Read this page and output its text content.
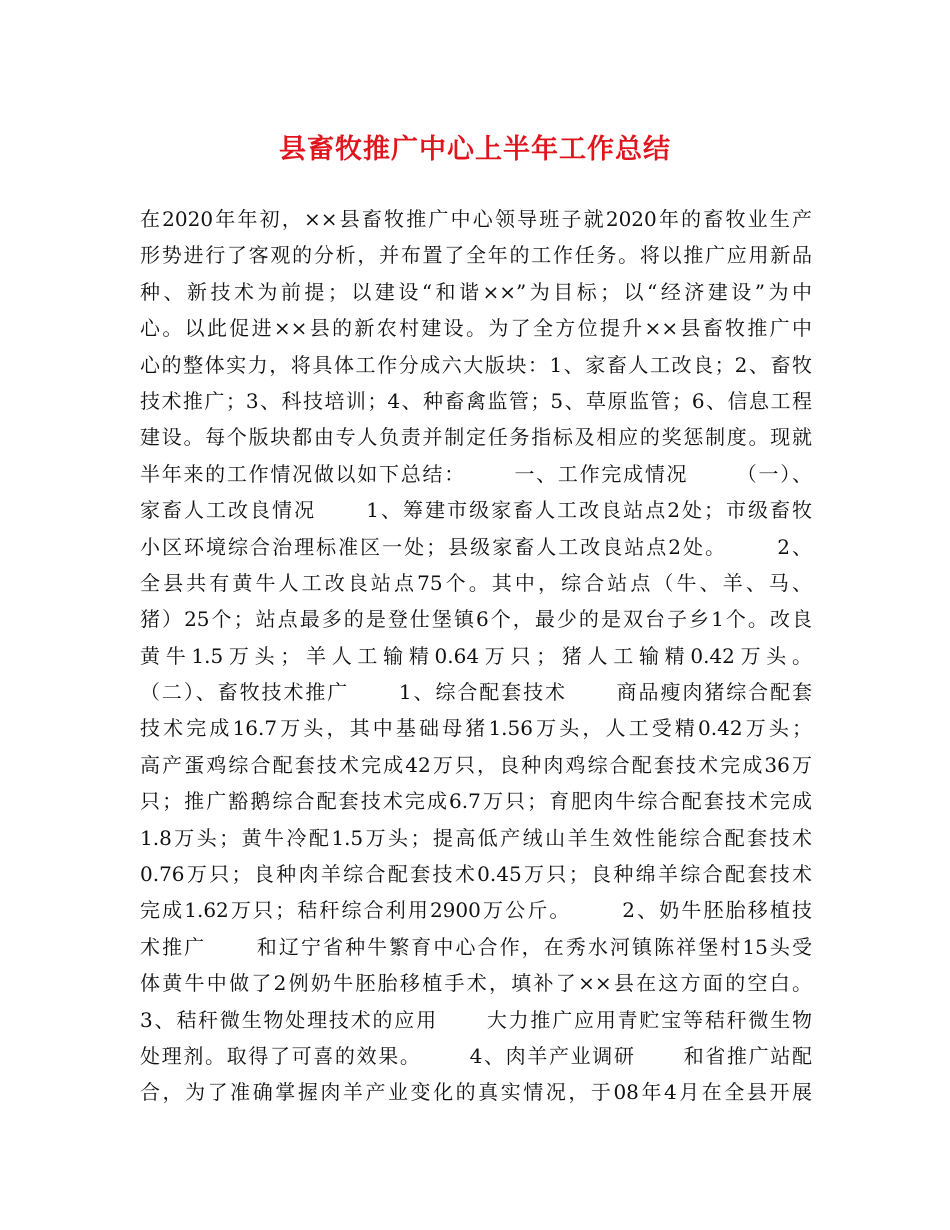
县畜牧推广中心上半年工作总结
在2020年年初，××县畜牧推广中心领导班子就2020年的畜牧业生产
形势进行了客观的分析，并布置了全年的工作任务。将以推广应用新品
种、新技术为前提；以建设“和谐××”为目标；以“经济建设”为中
心。以此促进××县的新农村建设。为了全方位提升××县畜牧推广中
心的整体实力，将具体工作分成六大版块：1、家畜人工改良；2、畜牧
技术推广；3、科技培训；4、种畜禽监管；5、草原监管；6、信息工程
建设。每个版块都由专人负责并制定任务指标及相应的奖惩制度。现就
半年来的工作情况做以如下总结：      一、工作完成情况      （一）、
家畜人工改良情况      1、筹建市级家畜人工改良站点2处；市级畜牧
小区环境综合治理标准区一处；县级家畜人工改良站点2处。      2、
全县共有黄牛人工改良站点75个。其中，综合站点（牛、羊、马、
猪）25个；站点最多的是登仕堡镇6个，最少的是双台子乡1个。改良
黄牛1.5万头；羊人工输精0.64万只；猪人工输精0.42万头。
（二）、畜牧技术推广      1、综合配套技术      商品瘦肉猪综合配套
技术完成16.7万头，其中基础母猪1.56万头，人工受精0.42万头；
高产蛋鸡综合配套技术完成42万只，良种肉鸡综合配套技术完成36万
只；推广豁鹅综合配套技术完成6.7万只；育肥肉牛综合配套技术完成
1.8万头；黄牛冷配1.5万头；提高低产绒山羊生效性能综合配套技术
0.76万只；良种肉羊综合配套技术0.45万只；良种绵羊综合配套技术
完成1.62万只；秸秆综合利用2900万公斤。      2、奶牛胚胎移植技
术推广      和辽宁省种牛繁育中心合作，在秀水河镇陈祥堡村15头受
体黄牛中做了2例奶牛胚胎移植手术，填补了××县在这方面的空白。
3、秸秆微生物处理技术的应用      大力推广应用青贮宝等秸秆微生物
处理剂。取得了可喜的效果。      4、肉羊产业调研      和省推广站配
合，为了准确掌握肉羊产业变化的真实情况，于08年4月在全县开展
